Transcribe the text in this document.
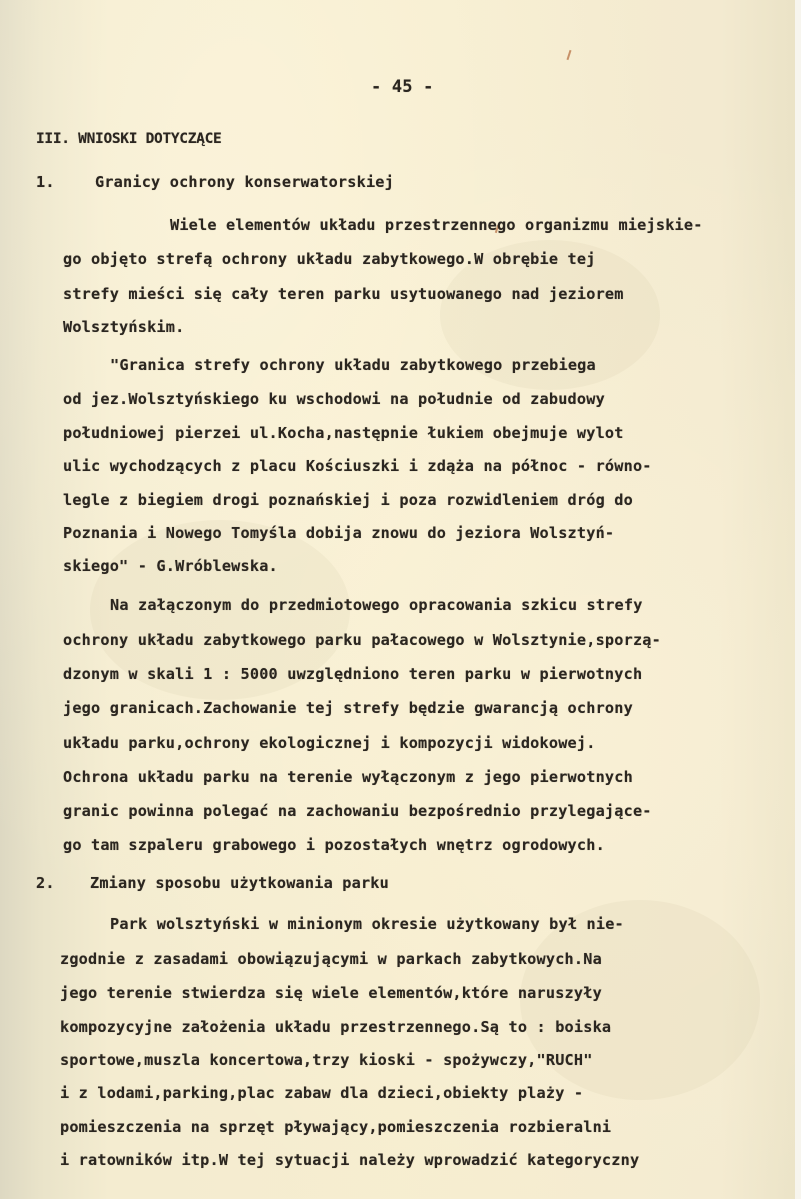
- 45 -
III. WNIOSKI DOTYCZĄCE
1.	Granicy ochrony konserwatorskiej
Wiele elementów układu przestrzennego organizmu miejskie-
go objęto strefą ochrony układu zabytkowego.W obrębie tej
strefy mieści się cały teren parku usytuowanego nad jeziorem
Wolsztyńskim.
"Granica strefy ochrony układu zabytkowego przebiega
od jez.Wolsztyńskiego ku wschodowi na południe od zabudowy
południowej pierzei ul.Kocha,następnie łukiem obejmuje wylot
ulic wychodzących z placu Kościuszki i zdąża na północ - równo-
legle z biegiem drogi poznańskiej i poza rozwidleniem dróg do
Poznania i Nowego Tomyśla dobija znowu do jeziora Wolsztyń-
skiego" - G.Wróblewska.
Na załączonym do przedmiotowego opracowania szkicu strefy
ochrony układu zabytkowego parku pałacowego w Wolsztynie,sporzą-
dzonym w skali 1 : 5000 uwzględniono teren parku w pierwotnych
jego granicach.Zachowanie tej strefy będzie gwarancją ochrony
układu parku,ochrony ekologicznej i kompozycji widokowej.
Ochrona układu parku na terenie wyłączonym z jego pierwotnych
granic powinna polegać na zachowaniu bezpośrednio przylegające-
go tam szpaleru grabowego i pozostałych wnętrz ogrodowych.
2. Zmiany sposobu użytkowania parku
Park wolsztyński w minionym okresie użytkowany był nie-
zgodnie z zasadami obowiązującymi w parkach zabytkowych.Na
jego terenie stwierdza się wiele elementów,które naruszyły
kompozycyjne założenia układu przestrzennego.Są to : boiska
sportowe,muszla koncertowa,trzy kioski - spożywczy,"RUCH"
i z lodami,parking,plac zabaw dla dzieci,obiekty plaży -
pomieszczenia na sprzęt pływający,pomieszczenia rozbieralni
i ratowników itp.W tej sytuacji należy wprowadzić kategoryczny
